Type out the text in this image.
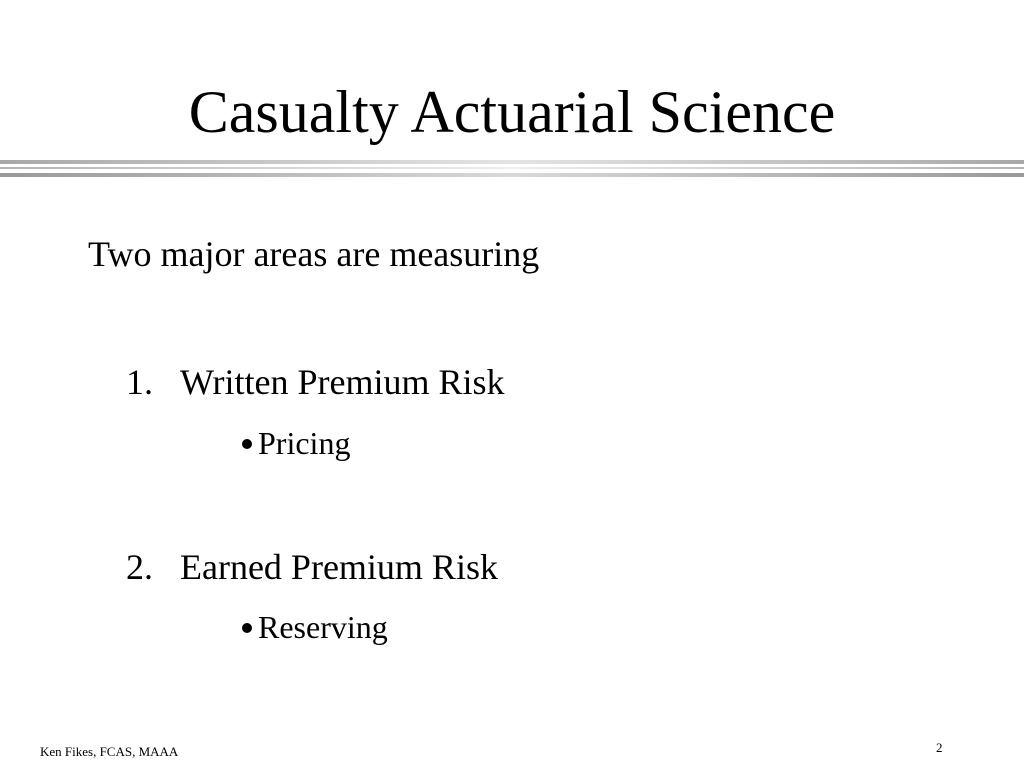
Casualty Actuarial Science
Two major areas are measuring
1. Written Premium Risk
Pricing
2. Earned Premium Risk
Reserving
Ken Fikes, FCAS, MAAA	2
